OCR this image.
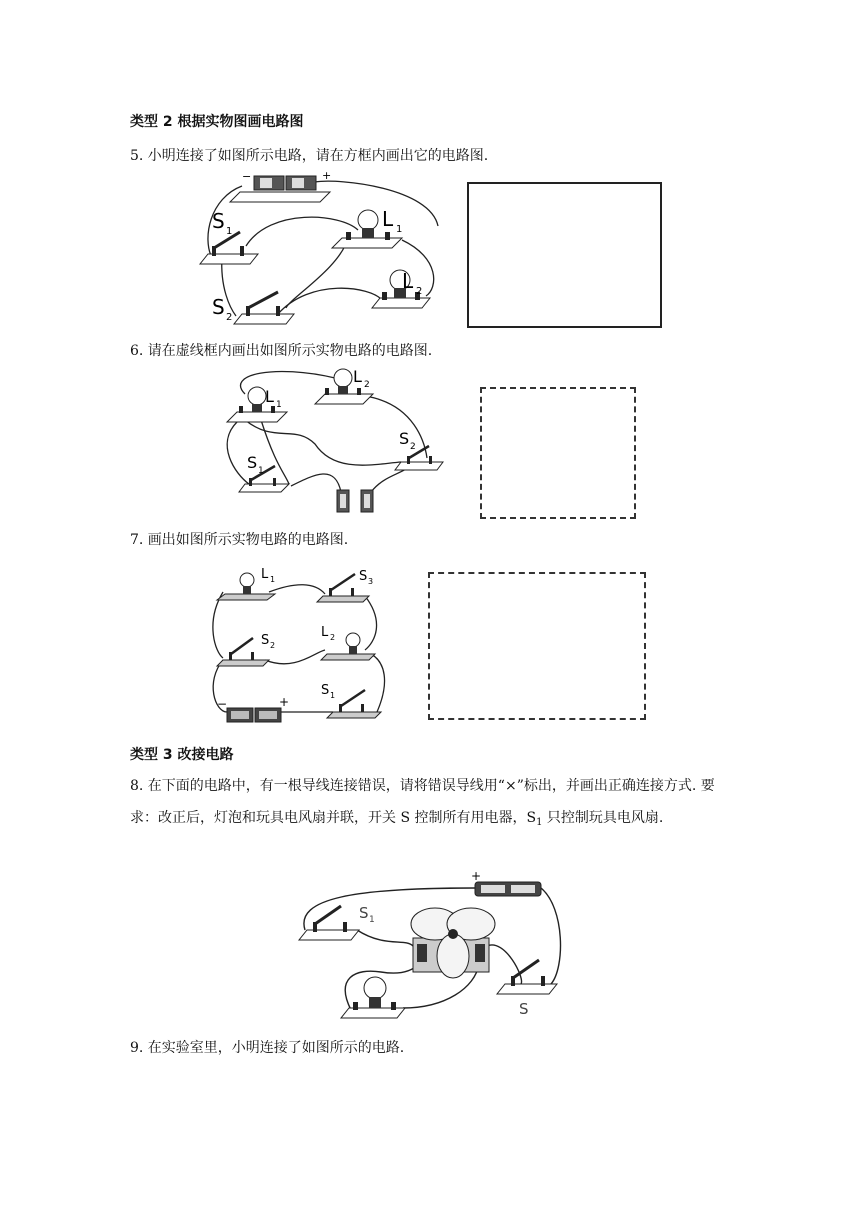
类型 2 根据实物图画电路图
5. 小明连接了如图所示电路，请在方框内画出它的电路图.
−	+
S 1
L 1
L 2
S 2
6. 请在虚线框内画出如图所示实物电路的电路图.
L 1
L 2
S 2
S 1
7. 画出如图所示实物电路的电路图.
L 1	S 3
S 2
L 2
−	+
S 1
类型 3 改接电路
8. 在下面的电路中，有一根导线连接错误，请将错误导线用“×”标出，并画出正确连接方式. 要求：改正后，灯泡和玩具电风扇并联，开关 S 控制所有用电器，$S_1$ 只控制玩具电风扇.
S 1
+
S
9. 在实验室里，小明连接了如图所示的电路.
